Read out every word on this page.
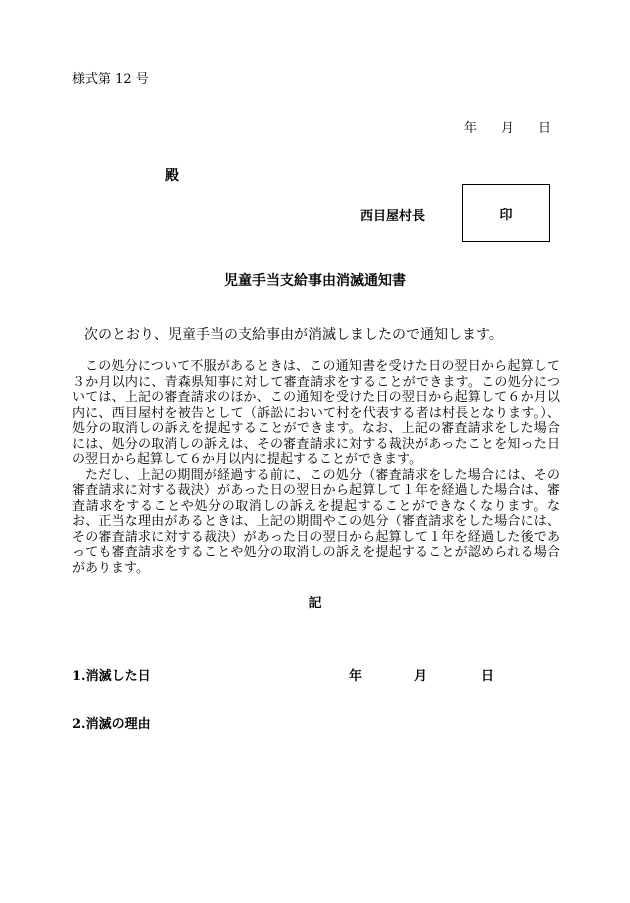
様式第 12 号
年 月 日
殿
西目屋村長	印
児童手当支給事由消滅通知書
次のとおり、児童手当の支給事由が消滅しましたので通知します。

この処分について不服があるときは、この通知書を受けた日の翌日から起算して３か月以内に、青森県知事に対して審査請求をすることができます。この処分については、上記の審査請求のほか、この通知を受けた日の翌日から起算して６か月以内に、西目屋村を被告として（訴訟において村を代表する者は村長となります。）、処分の取消しの訴えを提起することができます。なお、上記の審査請求をした場合には、処分の取消しの訴えは、その審査請求に対する裁決があったことを知った日の翌日から起算して６か月以内に提起することができます。

ただし、上記の期間が経過する前に、この処分（審査請求をした場合には、その審査請求に対する裁決）があった日の翌日から起算して１年を経過した場合は、審査請求をすることや処分の取消しの訴えを提起することができなくなります。なお、正当な理由があるときは、上記の期間やこの処分（審査請求をした場合には、その審査請求に対する裁決）があった日の翌日から起算して１年を経過した後であっても審査請求をすることや処分の取消しの訴えを提起することが認められる場合があります。

記
1.消滅した日	年	月	日
2.消滅の理由
